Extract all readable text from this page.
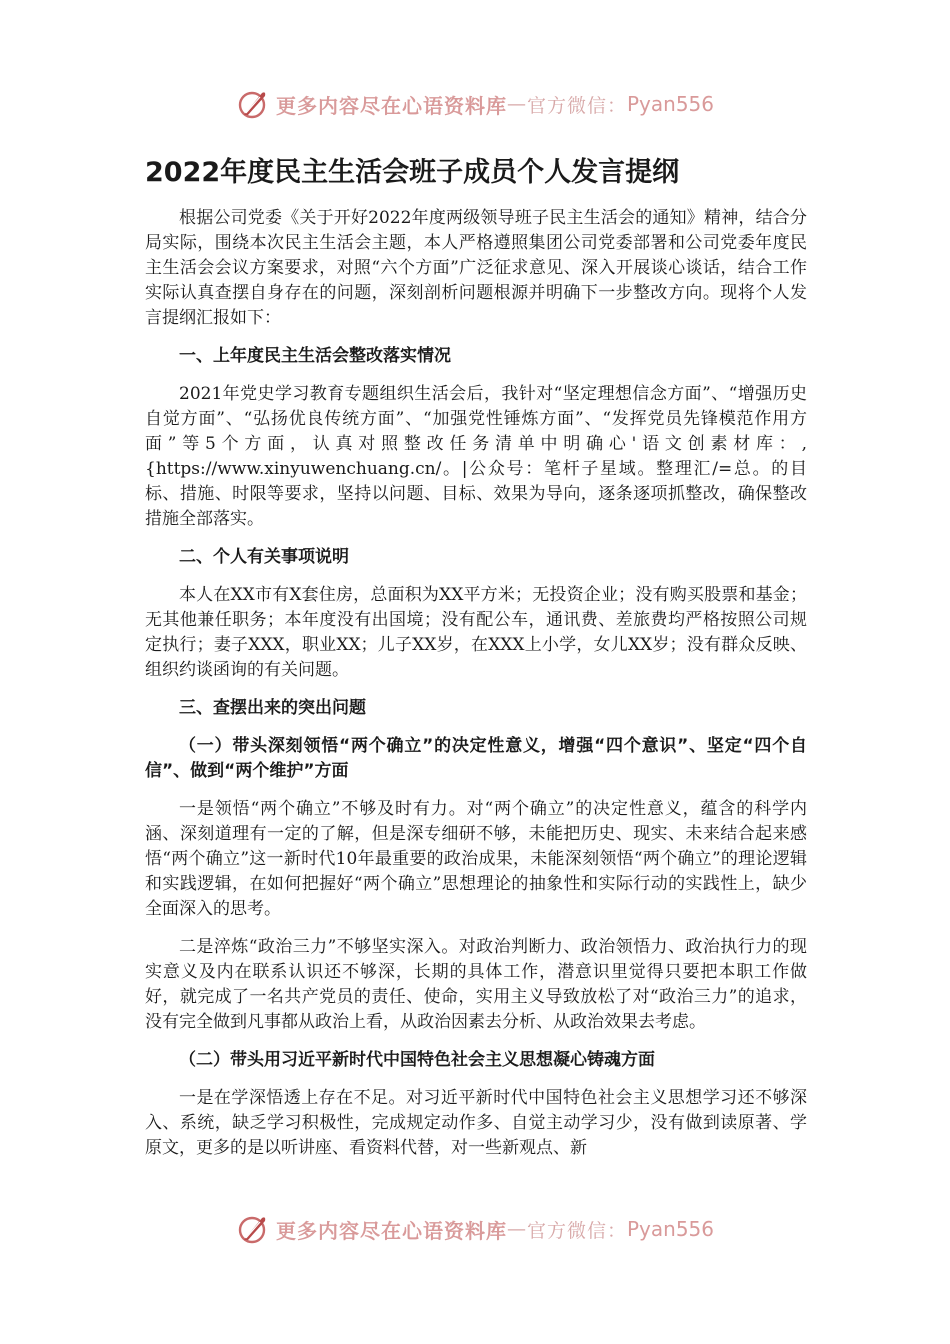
更多内容尽在心语资料库 — 官方微信： Pyan556
2022年度民主生活会班子成员个人发言提纲

根据公司党委《关于开好2022年度两级领导班子民主生活会的通知》精神，结合分局实际，围绕本次民主生活会主题，本人严格遵照集团公司党委部署和公司党委年度民主生活会会议方案要求，对照“六个方面”广泛征求意见、深入开展谈心谈话，结合工作实际认真查摆自身存在的问题，深刻剖析问题根源并明确下一步整改方向。现将个人发言提纲汇报如下：

一、上年度民主生活会整改落实情况

2021年党史学习教育专题组织生活会后，我针对“坚定理想信念方面”、“增强历史自觉方面”、“弘扬优良传统方面”、“加强党性锤炼方面”、“发挥党员先锋模范作用方面”等5个方面，认真对照整改任务清单中明确心'语文创素材库：,{https://www.xinyuwenchuang.cn/。|公众号：笔杆子星域。整理汇/=总。的目标、措施、时限等要求，坚持以问题、目标、效果为导向，逐条逐项抓整改，确保整改措施全部落实。

二、个人有关事项说明

本人在XX市有X套住房，总面积为XX平方米；无投资企业；没有购买股票和基金；无其他兼任职务；本年度没有出国境；没有配公车，通讯费、差旅费均严格按照公司规定执行；妻子XXX，职业XX；儿子XX岁，在XXX上小学，女儿XX岁；没有群众反映、组织约谈函询的有关问题。

三、查摆出来的突出问题

（一）带头深刻领悟“两个确立”的决定性意义，增强“四个意识”、坚定“四个自信”、做到“两个维护”方面

一是领悟“两个确立”不够及时有力。对“两个确立”的决定性意义，蕴含的科学内涵、深刻道理有一定的了解，但是深专细研不够，未能把历史、现实、未来结合起来感悟“两个确立”这一新时代10年最重要的政治成果，未能深刻领悟“两个确立”的理论逻辑和实践逻辑，在如何把握好“两个确立”思想理论的抽象性和实际行动的实践性上，缺少全面深入的思考。

二是淬炼“政治三力”不够坚实深入。对政治判断力、政治领悟力、政治执行力的现实意义及内在联系认识还不够深，长期的具体工作，潜意识里觉得只要把本职工作做好，就完成了一名共产党员的责任、使命，实用主义导致放松了对“政治三力”的追求，没有完全做到凡事都从政治上看，从政治因素去分析、从政治效果去考虑。

（二）带头用习近平新时代中国特色社会主义思想凝心铸魂方面

一是在学深悟透上存在不足。对习近平新时代中国特色社会主义思想学习还不够深入、系统，缺乏学习积极性，完成规定动作多、自觉主动学习少，没有做到读原著、学原文，更多的是以听讲座、看资料代替，对一些新观点、新

更多内容尽在心语资料库 — 官方微信： Pyan556
